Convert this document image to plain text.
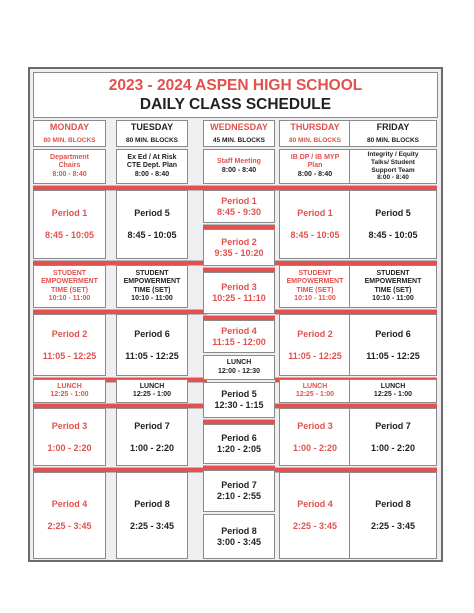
2023 - 2024 ASPEN HIGH SCHOOL
DAILY CLASS SCHEDULE
MONDAY
80 MIN. BLOCKS
TUESDAY
80 MIN. BLOCKS
WEDNESDAY
45 MIN. BLOCKS
THURSDAY
80 MIN. BLOCKS
FRIDAY
80 MIN. BLOCKS
Department
Chairs
8:00 - 8:40
Ex Ed / At Risk
CTE Dept. Plan
8:00 - 8:40
Staff Meeting
8:00 - 8:40
IB DP / IB MYP
Plan
8:00 - 8:40
Integrity / Equity
Talks/ Student
Support Team
8:00 - 8:40
Period 1
8:45 - 10:05
STUDENT
EMPOWERMENT
TIME (SET)
10:10 - 11:00
Period 2
11:05 - 12:25
LUNCH
12:25 - 1:00
Period 3
1:00 - 2:20
Period 4
2:25 - 3:45
Period 5
8:45 - 10:05
STUDENT
EMPOWERMENT
TIME (SET)
10:10 - 11:00
Period 6
11:05 - 12:25
LUNCH
12:25 - 1:00
Period 7
1:00 - 2:20
Period 8
2:25 - 3:45
Period 1
8:45 - 9:30
Period 2
9:35 - 10:20
Period 3
10:25 - 11:10
Period 4
11:15 - 12:00
LUNCH
12:00 - 12:30
Period 5
12:30 - 1:15
Period 6
1:20 - 2:05
Period 7
2:10 - 2:55
Period 8
3:00 - 3:45
Period 1
8:45 - 10:05
STUDENT
EMPOWERMENT
TIME (SET)
10:10 - 11:00
Period 2
11:05 - 12:25
LUNCH
12:25 - 1:00
Period 3
1:00 - 2:20
Period 4
2:25 - 3:45
Period 5
8:45 - 10:05
STUDENT
EMPOWERMENT
TIME (SET)
10:10 - 11:00
Period 6
11:05 - 12:25
LUNCH
12:25 - 1:00
Period 7
1:00 - 2:20
Period 8
2:25 - 3:45
